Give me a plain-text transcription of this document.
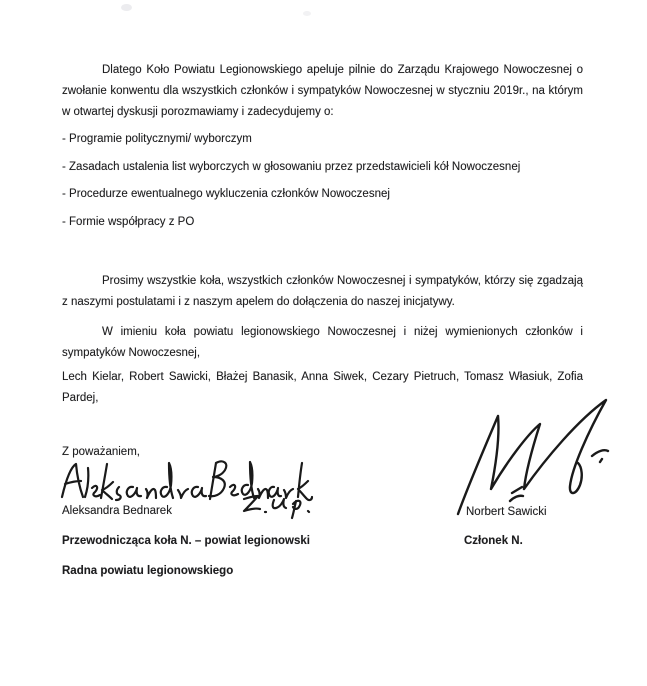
Dlatego Koło Powiatu Legionowskiego apeluje pilnie do Zarządu Krajowego Nowoczesnej o zwołanie konwentu dla wszystkich członków i sympatyków Nowoczesnej w styczniu 2019r., na którym w otwartej dyskusji porozmawiamy i zadecydujemy o:

- Programie politycznymi/ wyborczym
- Zasadach ustalenia list wyborczych w głosowaniu przez przedstawicieli kół Nowoczesnej
- Procedurze ewentualnego wykluczenia członków Nowoczesnej
- Formie współpracy z PO

Prosimy wszystkie koła, wszystkich członków Nowoczesnej i sympatyków, którzy się zgadzają z naszymi postulatami i z naszym apelem do dołączenia do naszej inicjatywy.

W imieniu koła powiatu legionowskiego Nowoczesnej i niżej wymienionych członków i sympatyków Nowoczesnej,

Lech Kielar, Robert Sawicki, Błażej Banasik, Anna Siwek, Cezary Pietruch, Tomasz Własiuk, Zofia Pardej,

Z poważaniem,
Aleksandra Bednarek
Przewodnicząca koła N. – powiat legionowski
Radna powiatu legionowskiego
Norbert Sawicki
Członek N.
